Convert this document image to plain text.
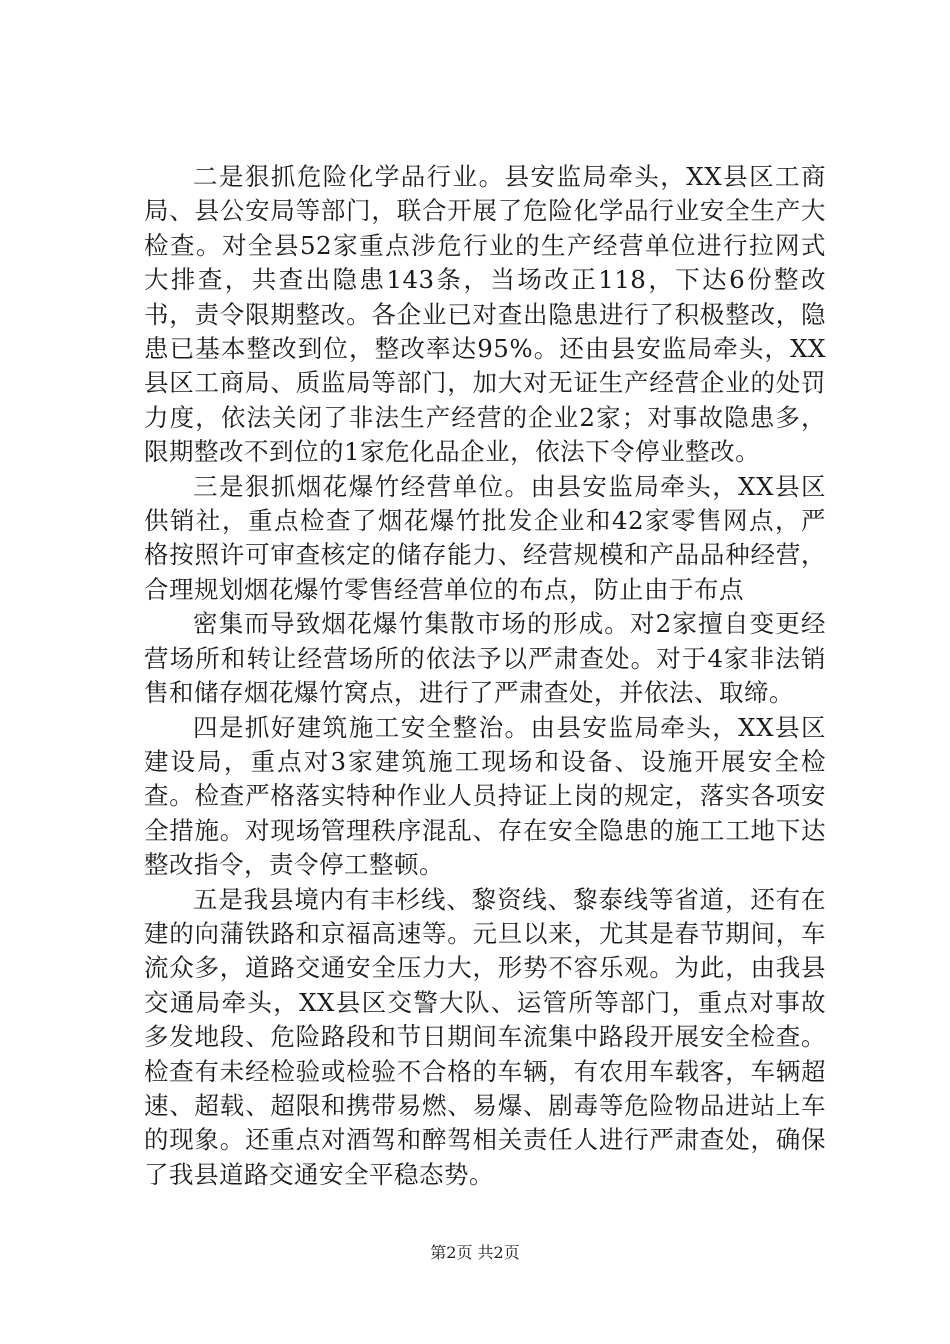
二是狠抓危险化学品行业。县安监局牵头，XX县区工商局、县公安局等部门，联合开展了危险化学品行业安全生产大检查。对全县52家重点涉危行业的生产经营单位进行拉网式大排查，共查出隐患143条，当场改正118，下达6份整改书，责令限期整改。各企业已对查出隐患进行了积极整改，隐患已基本整改到位，整改率达95%。还由县安监局牵头，XX县区工商局、质监局等部门，加大对无证生产经营企业的处罚力度，依法关闭了非法生产经营的企业2家；对事故隐患多，限期整改不到位的1家危化品企业，依法下令停业整改。

三是狠抓烟花爆竹经营单位。由县安监局牵头，XX县区供销社，重点检查了烟花爆竹批发企业和42家零售网点，严格按照许可审查核定的储存能力、经营规模和产品品种经营，合理规划烟花爆竹零售经营单位的布点，防止由于布点

密集而导致烟花爆竹集散市场的形成。对2家擅自变更经营场所和转让经营场所的依法予以严肃查处。对于4家非法销售和储存烟花爆竹窝点，进行了严肃查处，并依法、取缔。

四是抓好建筑施工安全整治。由县安监局牵头，XX县区建设局，重点对3家建筑施工现场和设备、设施开展安全检查。检查严格落实特种作业人员持证上岗的规定，落实各项安全措施。对现场管理秩序混乱、存在安全隐患的施工工地下达整改指令，责令停工整顿。

五是我县境内有丰杉线、黎资线、黎泰线等省道，还有在建的向蒲铁路和京福高速等。元旦以来，尤其是春节期间，车流众多，道路交通安全压力大，形势不容乐观。为此，由我县交通局牵头，XX县区交警大队、运管所等部门，重点对事故多发地段、危险路段和节日期间车流集中路段开展安全检查。检查有未经检验或检验不合格的车辆，有农用车载客，车辆超速、超载、超限和携带易燃、易爆、剧毒等危险物品进站上车的现象。还重点对酒驾和醉驾相关责任人进行严肃查处，确保了我县道路交通安全平稳态势。

第2页 共2页
